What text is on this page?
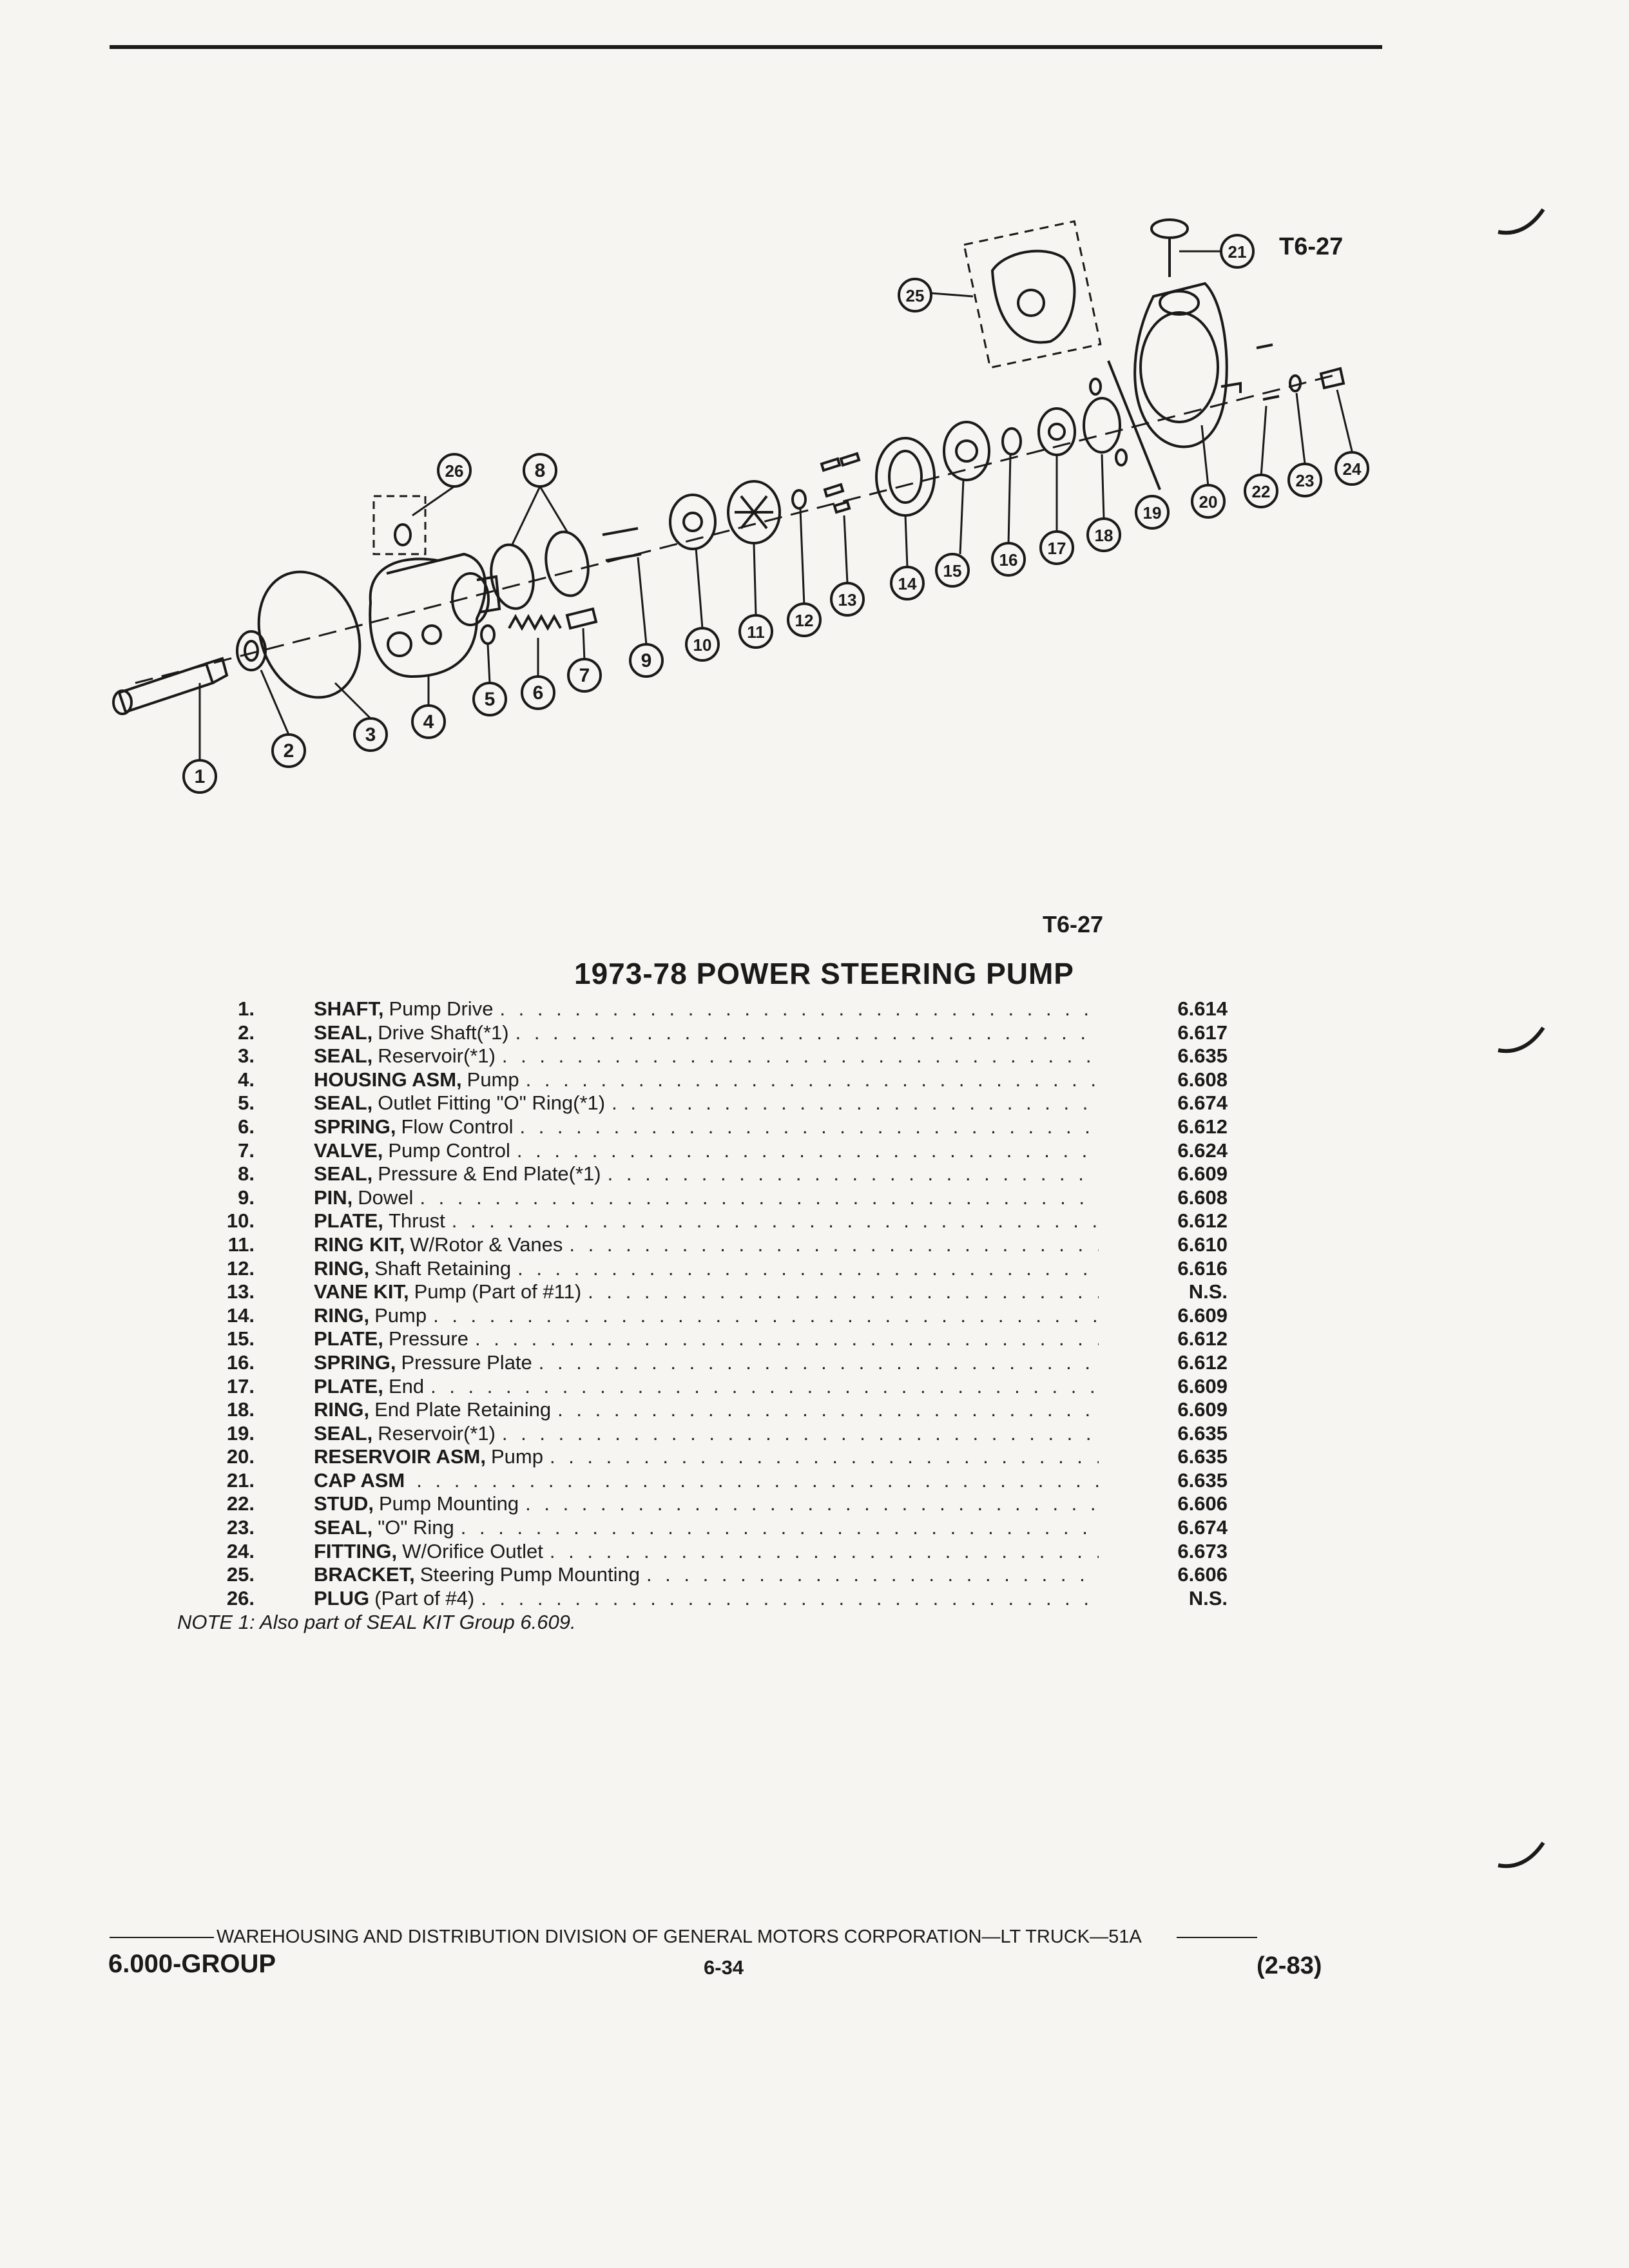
1
2
3
4
5 6
7
8
9
10
11
12
13
14
15
16
17
18
19
20
21
22
23
24
25
26
T6-27
T6-27
1973-78 POWER STEERING PUMP
1.	SHAFT, Pump Drive . . .	6.614
2.	SEAL, Drive Shaft(*1) . . .	6.617
3.	SEAL, Reservoir(*1) . . .	6.635
4.	HOUSING ASM, Pump . . .	6.608
5.	SEAL, Outlet Fitting "O" Ring(*1) . . .	6.674
6.	SPRING, Flow Control . . .	6.612
7.	VALVE, Pump Control . . .	6.624
8.	SEAL, Pressure & End Plate(*1) . . .	6.609
9.	PIN, Dowel . . .	6.608
10.	PLATE, Thrust . . .	6.612
11.	RING KIT, W/Rotor & Vanes . . .	6.610
12.	RING, Shaft Retaining . . .	6.616
13.	VANE KIT, Pump (Part of #11) . . .	N.S.
14.	RING, Pump . . .	6.609
15.	PLATE, Pressure . . .	6.612
16.	SPRING, Pressure Plate . . .	6.612
17.	PLATE, End . . .	6.609
18.	RING, End Plate Retaining . . .	6.609
19.	SEAL, Reservoir(*1) . . .	6.635
20.	RESERVOIR ASM, Pump . . .	6.635
21.	CAP ASM . . .	6.635
22.	STUD, Pump Mounting . . .	6.606
23.	SEAL, "O" Ring . . .	6.674
24.	FITTING, W/Orifice Outlet . . .	6.673
25.	BRACKET, Steering Pump Mounting . . .	6.606
26.	PLUG (Part of #4) . . .	N.S.
NOTE 1: Also part of SEAL KIT Group 6.609.
WAREHOUSING AND DISTRIBUTION DIVISION OF GENERAL MOTORS CORPORATION—LT TRUCK—51A
6.000-GROUP	6-34	(2-83)
